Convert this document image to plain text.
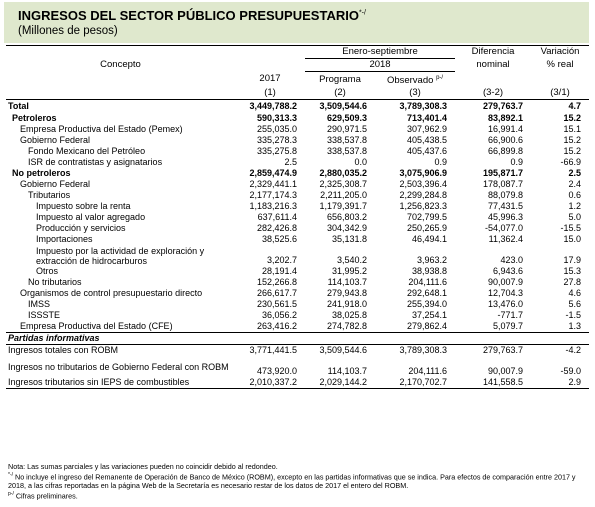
INGRESOS DEL SECTOR PÚBLICO PRESUPUESTARIO*-/
(Millones de pesos)
		Enero-septiembre		Diferencia	Variación
Concepto		2018		nominal	% real
	2017	Programa	Observado $^{p-/}$		
	(1)	(2)	(3)	(3-2)	(3/1)
Total	3,449,788.2	3,509,544.6	3,789,308.3	279,763.7	4.7
Petroleros	590,313.3	629,509.3	713,401.4	83,892.1	15.2
Empresa Productiva del Estado (Pemex)	255,035.0	290,971.5	307,962.9	16,991.4	15.1
Gobierno Federal	335,278.3	338,537.8	405,438.5	66,900.6	15.2
Fondo Mexicano del Petróleo	335,275.8	338,537.8	405,437.6	66,899.8	15.2
ISR de contratistas y asignatarios	2.5	0.0	0.9	0.9	-66.9
No petroleros	2,859,474.9	2,880,035.2	3,075,906.9	195,871.7	2.5
Gobierno Federal	2,329,441.1	2,325,308.7	2,503,396.4	178,087.7	2.4
Tributarios	2,177,174.3	2,211,205.0	2,299,284.8	88,079.8	0.6
Impuesto sobre la renta	1,183,216.3	1,179,391.7	1,256,823.3	77,431.5	1.2
Impuesto al valor agregado	637,611.4	656,803.2	702,799.5	45,996.3	5.0
Producción y servicios	282,426.8	304,342.9	250,265.9	-54,077.0	-15.5
Importaciones	38,525.6	35,131.8	46,494.1	11,362.4	15.0
Impuesto por la actividad de exploración y extracción de hidrocarburos	3,202.7	3,540.2	3,963.2	423.0	17.9
Otros	28,191.4	31,995.2	38,938.8	6,943.6	15.3
No tributarios	152,266.8	114,103.7	204,111.6	90,007.9	27.8
Organismos de control presupuestario directo	266,617.7	279,943.8	292,648.1	12,704.3	4.6
IMSS	230,561.5	241,918.0	255,394.0	13,476.0	5.6
ISSSTE	36,056.2	38,025.8	37,254.1	-771.7	-1.5
Empresa Productiva del Estado (CFE)	263,416.2	274,782.8	279,862.4	5,079.7	1.3
Partidas informativas					
Ingresos totales con ROBM	3,771,441.5	3,509,544.6	3,789,308.3	279,763.7	-4.2
Ingresos no tributarios de Gobierno Federal con ROBM	473,920.0	114,103.7	204,111.6	90,007.9	-59.0
Ingresos tributarios sin IEPS de combustibles	2,010,337.2	2,029,144.2	2,170,702.7	141,558.5	2.9
Nota: Las sumas parciales y las variaciones pueden no coincidir debido al redondeo.
*-/ No incluye el ingreso del Remanente de Operación de Banco de México (ROBM), excepto en las partidas informativas que se indica. Para efectos de comparación entre 2017 y 2018, a las cifras reportadas en la página Web de la Secretaría es necesario restar de los datos de 2017 el entero del ROBM.
$^{p-/}$ Cifras preliminares.
